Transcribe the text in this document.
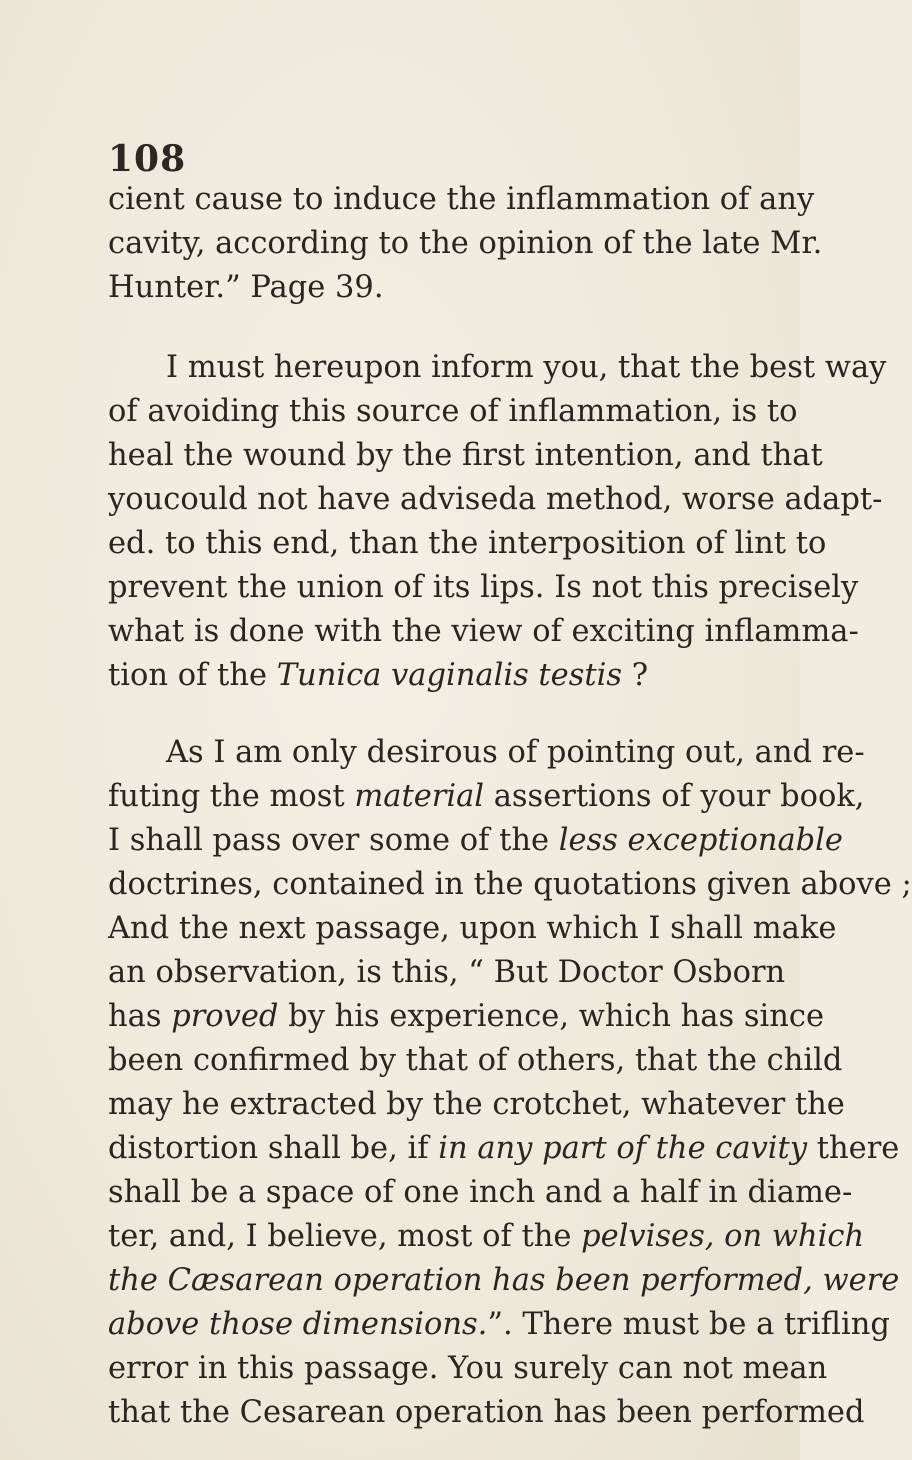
108
cient cause to induce the inflammation of any
cavity, according to the opinion of the late Mr.
Hunter.” Page 39.
I must hereupon inform you, that the best way
of avoiding this source of inflammation, is to
heal the wound by the first intention, and that
youcould not have adviseda method, worse adapt-
ed. to this end, than the interposition of lint to
prevent the union of its lips. Is not this precisely
what is done with the view of exciting inflamma-
tion of the Tunica vaginalis testis ?
As I am only desirous of pointing out, and re-
futing the most material assertions of your book,
I shall pass over some of the less exceptionable
doctrines, contained in the quotations given above ;
And the next passage, upon which I shall make
an observation, is this, “ But Doctor Osborn
has proved by his experience, which has since
been confirmed by that of others, that the child
may he extracted by the crotchet, whatever the
distortion shall be, if in any part of the cavity there
shall be a space of one inch and a half in diame-
ter, and, I believe, most of the pelvises, on which
the Cæsarean operation has been performed, were
above those dimensions.”. There must be a trifling
error in this passage. You surely can not mean
that the Cesarean operation has been performed
